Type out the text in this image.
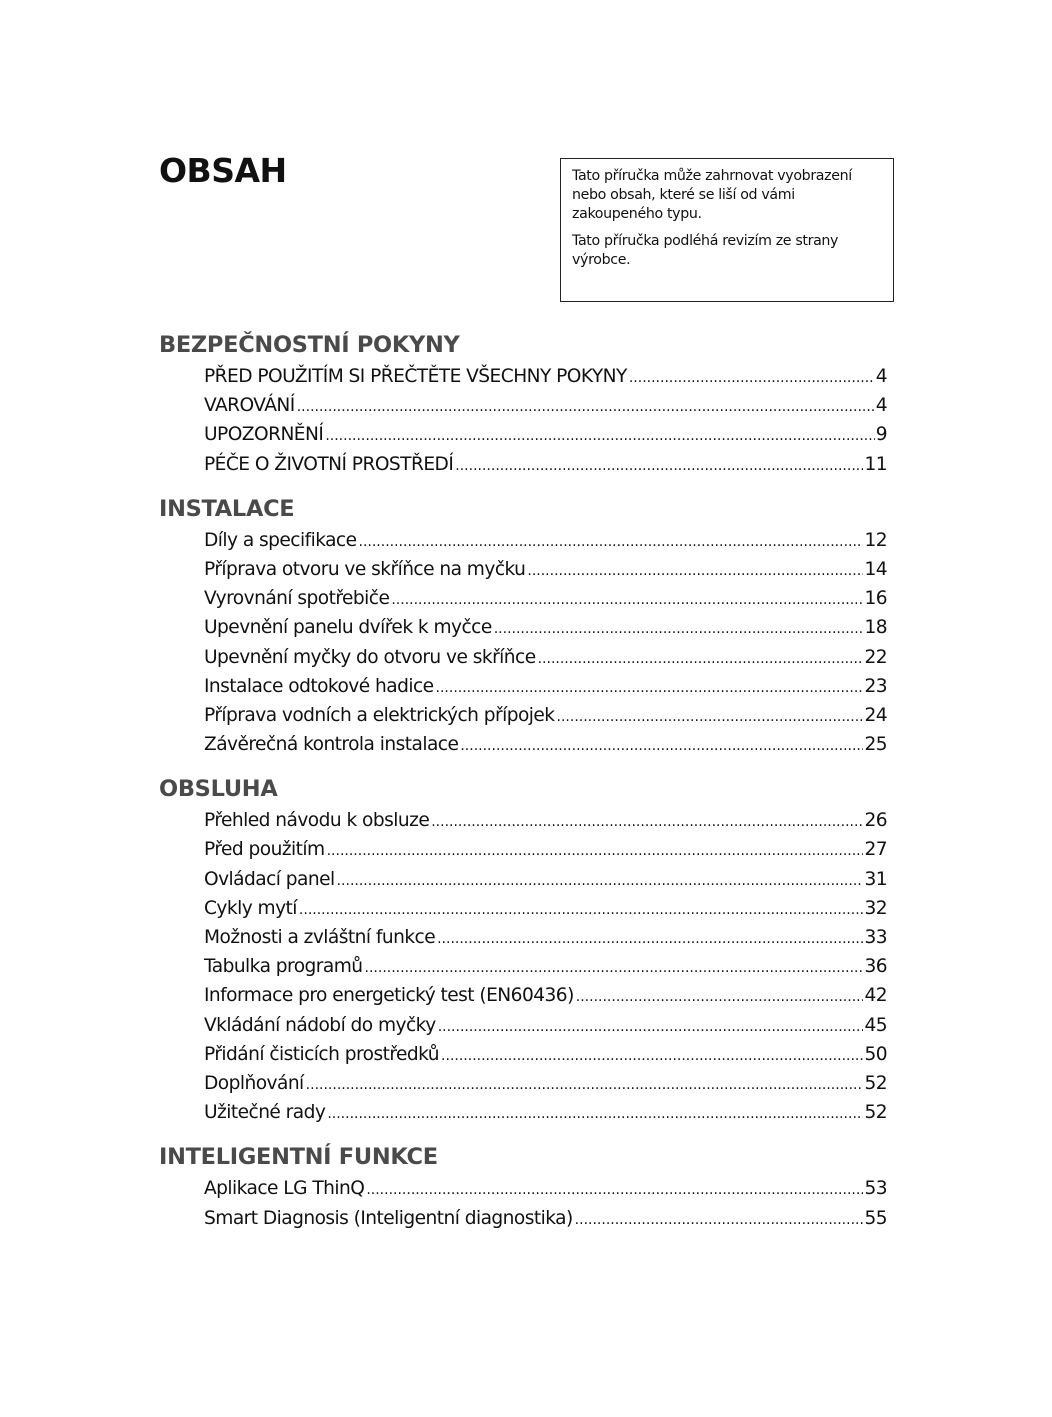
OBSAH	Tato příručka může zahrnovat vyobrazení nebo obsah, které se liší od vámi zakoupeného typu.

Tato příručka podléhá revizím ze strany výrobce.

BEZPEČNOSTNÍ POKYNY
PŘED POUŽITÍM SI PŘEČTĚTE VŠECHNY POKYNY .....	4
VAROVÁNÍ .....	4
UPOZORNĚNÍ .....	9
PÉČE O ŽIVOTNÍ PROSTŘEDÍ .....	11
INSTALACE
Díly a specifikace .....	12
Příprava otvoru ve skříňce na myčku .....	14
Vyrovnání spotřebiče .....	16
Upevnění panelu dvířek k myčce .....	18
Upevnění myčky do otvoru ve skříňce .....	22
Instalace odtokové hadice .....	23
Příprava vodních a elektrických přípojek .....	24
Závěrečná kontrola instalace .....	25
OBSLUHA
Přehled návodu k obsluze .....	26
Před použitím .....	27
Ovládací panel .....	31
Cykly mytí .....	32
Možnosti a zvláštní funkce .....	33
Tabulka programů .....	36
Informace pro energetický test (EN60436) .....	42
Vkládání nádobí do myčky .....	45
Přidání čisticích prostředků .....	50
Doplňování .....	52
Užitečné rady .....	52
INTELIGENTNÍ FUNKCE
Aplikace LG ThinQ .....	53
Smart Diagnosis (Inteligentní diagnostika) .....	55
